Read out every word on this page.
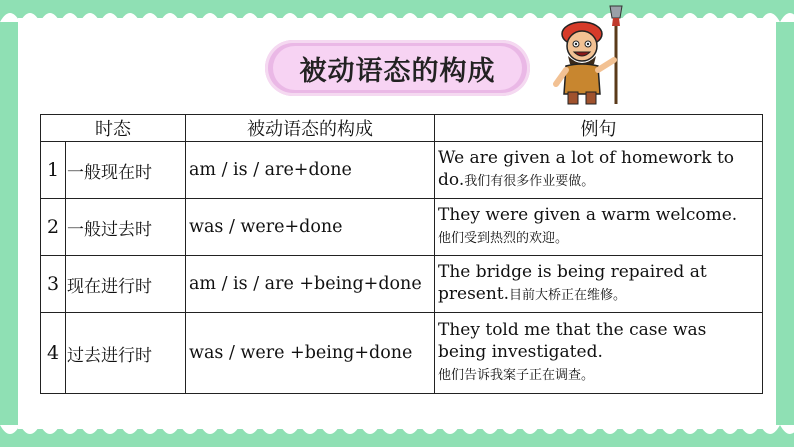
被动语态的构成
时态		被动语态的构成	例句
1	一般现在时	am / is / are+done	We are given a lot of homework to do.我们有很多作业要做。
2	一般过去时	was / were+done	They were given a warm welcome.
他们受到热烈的欢迎。
3	现在进行时	am / is / are +being+done	The bridge is being repaired at present.目前大桥正在维修。
4	过去进行时	was / were +being+done	They told me that the case was being investigated.
他们告诉我案子正在调查。
